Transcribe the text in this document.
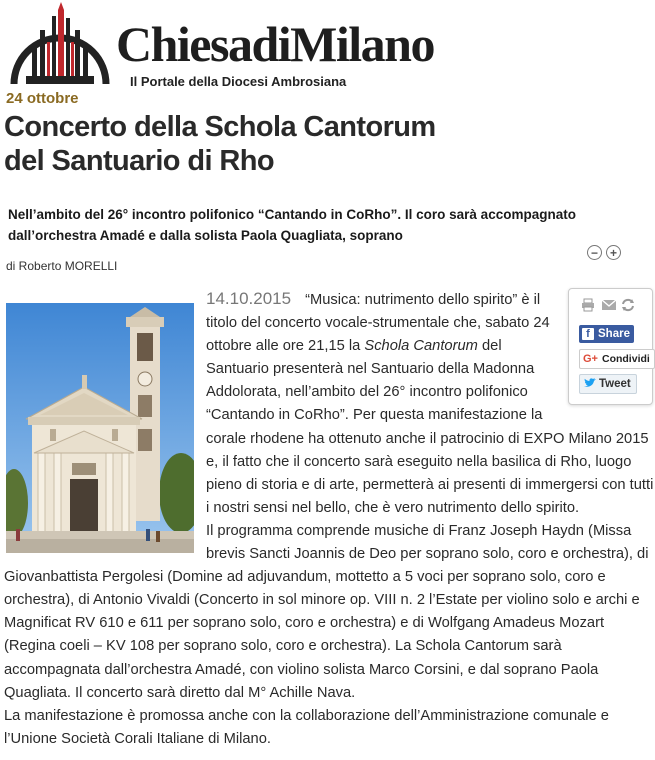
ChiesadiMilano
Il Portale della Diocesi Ambrosiana
24 ottobre
Concerto della Schola Cantorum
del Santuario di Rho

Nell’ambito del 26° incontro polifonico “Cantando in CoRho”. Il coro sarà accompagnato dall’orchestra Amadé e dalla solista Paola Quagliata, soprano

− +
di Roberto MORELLI
f Share
G+ Condividi
Tweet

14.10.2015 “Musica: nutrimento dello spirito” è il titolo del concerto vocale-strumentale che, sabato 24 ottobre alle ore 21,15 la Schola Cantorum del Santuario presenterà nel Santuario della Madonna Addolorata, nell’ambito del 26° incontro polifonico “Cantando in CoRho”. Per questa manifestazione la corale rhodene ha ottenuto anche il patrocinio di EXPO Milano 2015 e, il fatto che il concerto sarà eseguito nella basilica di Rho, luogo pieno di storia e di arte, permetterà ai presenti di immergersi con tutti i nostri sensi nel bello, che è vero nutrimento dello spirito.

Il programma comprende musiche di Franz Joseph Haydn (Missa brevis Sancti Joannis de Deo per soprano solo, coro e orchestra), di Giovanbattista Pergolesi (Domine ad adjuvandum, mottetto a 5 voci per soprano solo, coro e orchestra), di Antonio Vivaldi (Concerto in sol minore op. VIII n. 2 l’Estate per violino solo e archi e Magnificat RV 610 e 611 per soprano solo, coro e orchestra) e di Wolfgang Amadeus Mozart (Regina coeli – KV 108 per soprano solo, coro e orchestra). La Schola Cantorum sarà accompagnata dall’orchestra Amadé, con violino solista Marco Corsini, e dal soprano Paola Quagliata. Il concerto sarà diretto dal M° Achille Nava.

La manifestazione è promossa anche con la collaborazione dell’Amministrazione comunale e l’Unione Società Corali Italiane di Milano.
